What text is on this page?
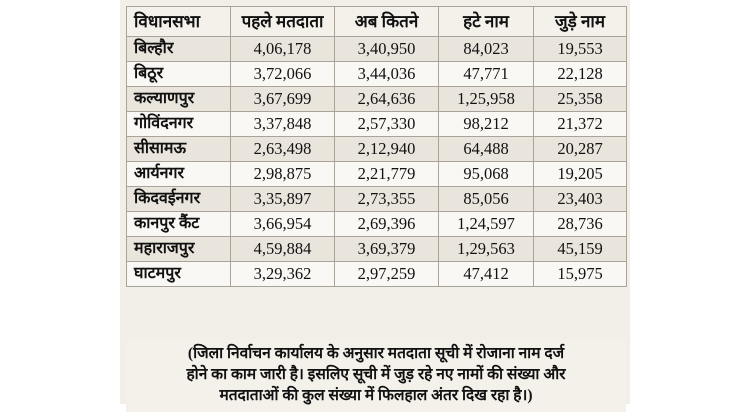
विधानसभा	पहले मतदाता	अब कितने	हटे नाम	जुड़े नाम
बिल्हौर	4,06,178	3,40,950	84,023	19,553
बिठूर	3,72,066	3,44,036	47,771	22,128
कल्याणपुर	3,67,699	2,64,636	1,25,958	25,358
गोविंदनगर	3,37,848	2,57,330	98,212	21,372
सीसामऊ	2,63,498	2,12,940	64,488	20,287
आर्यनगर	2,98,875	2,21,779	95,068	19,205
किदवईनगर	3,35,897	2,73,355	85,056	23,403
कानपुर कैंट	3,66,954	2,69,396	1,24,597	28,736
महाराजपुर	4,59,884	3,69,379	1,29,563	45,159
घाटमपुर	3,29,362	2,97,259	47,412	15,975
(जिला निर्वाचन कार्यालय के अनुसार मतदाता सूची में रोजाना नाम दर्ज
होने का काम जारी है। इसलिए सूची में जुड़ रहे नए नामों की संख्या और
मतदाताओं की कुल संख्या में फिलहाल अंतर दिख रहा है।)
